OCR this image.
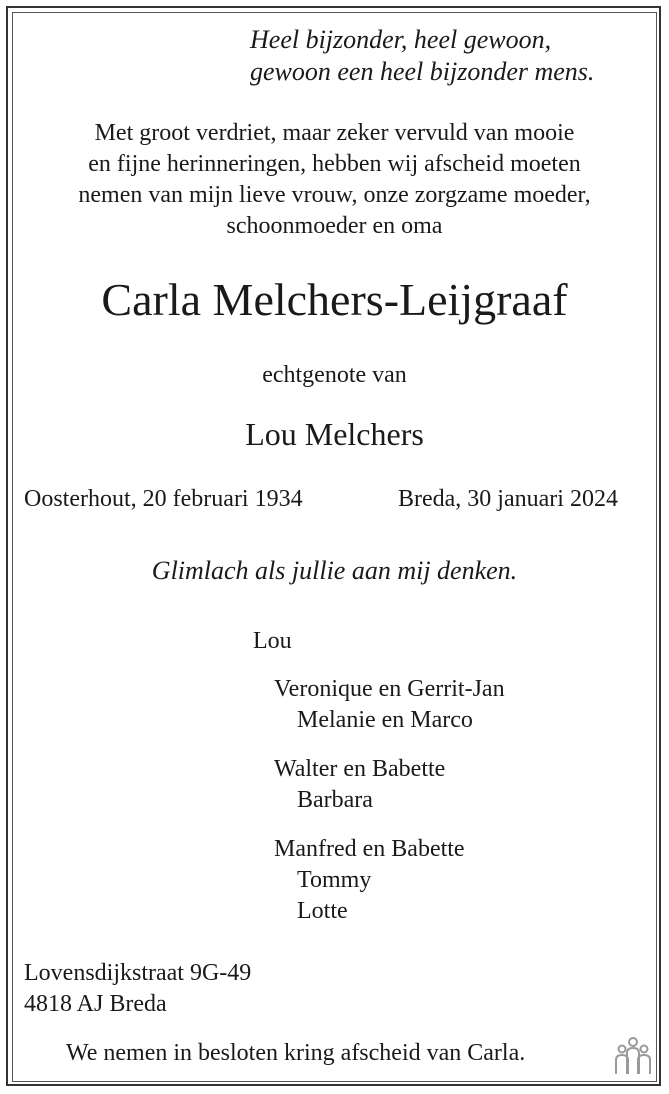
Heel bijzonder, heel gewoon,
gewoon een heel bijzonder mens.
Met groot verdriet, maar zeker vervuld van mooie
en fijne herinneringen, hebben wij afscheid moeten
nemen van mijn lieve vrouw, onze zorgzame moeder,
schoonmoeder en oma
Carla Melchers-Leijgraaf
echtgenote van
Lou Melchers
Oosterhout, 20 februari 1934	Breda, 30 januari 2024
Glimlach als jullie aan mij denken.
Lou
Veronique en Gerrit-Jan
Melanie en Marco
Walter en Babette
Barbara
Manfred en Babette
Tommy
Lotte
Lovensdijkstraat 9G-49
4818 AJ Breda
We nemen in besloten kring afscheid van Carla.
